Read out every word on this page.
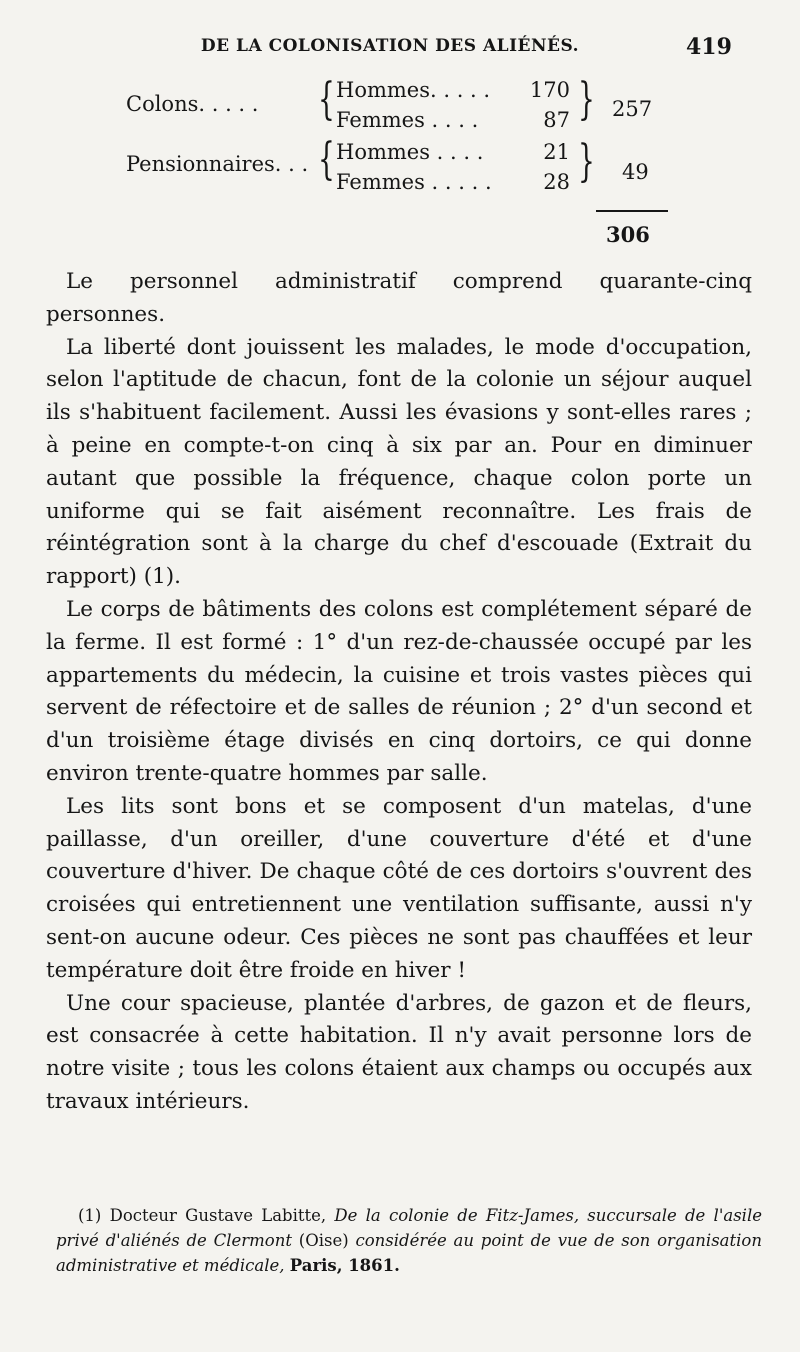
DE LA COLONISATION DES ALIÉNÉS.	419
Colons. . . . . { Hommes. . . . .	170
Femmes . . . .	87 } 257
Pensionnaires. . . { Hommes . . . .	21
Femmes . . . . .	28 } 49
306

Le personnel administratif comprend quarante-cinq personnes.

La liberté dont jouissent les malades, le mode d'occupation, selon l'aptitude de chacun, font de la colonie un séjour auquel ils s'habituent facilement. Aussi les évasions y sont-elles rares ; à peine en compte-t-on cinq à six par an. Pour en diminuer autant que possible la fréquence, chaque colon porte un uniforme qui se fait aisément reconnaître. Les frais de réintégration sont à la charge du chef d'escouade (Extrait du rapport) (1).

Le corps de bâtiments des colons est complétement séparé de la ferme. Il est formé : 1° d'un rez-de-chaussée occupé par les appartements du médecin, la cuisine et trois vastes pièces qui servent de réfectoire et de salles de réunion ; 2° d'un second et d'un troisième étage divisés en cinq dortoirs, ce qui donne environ trente-quatre hommes par salle.

Les lits sont bons et se composent d'un matelas, d'une paillasse, d'un oreiller, d'une couverture d'été et d'une couverture d'hiver. De chaque côté de ces dortoirs s'ouvrent des croisées qui entretiennent une ventilation suffisante, aussi n'y sent-on aucune odeur. Ces pièces ne sont pas chauffées et leur température doit être froide en hiver !

Une cour spacieuse, plantée d'arbres, de gazon et de fleurs, est consacrée à cette habitation. Il n'y avait personne lors de notre visite ; tous les colons étaient aux champs ou occupés aux travaux intérieurs.

(1) Docteur Gustave Labitte, De la colonie de Fitz-James, succursale de l'asile privé d'aliénés de Clermont (Oise) considérée au point de vue de son organisation administrative et médicale, Paris, 1861.
